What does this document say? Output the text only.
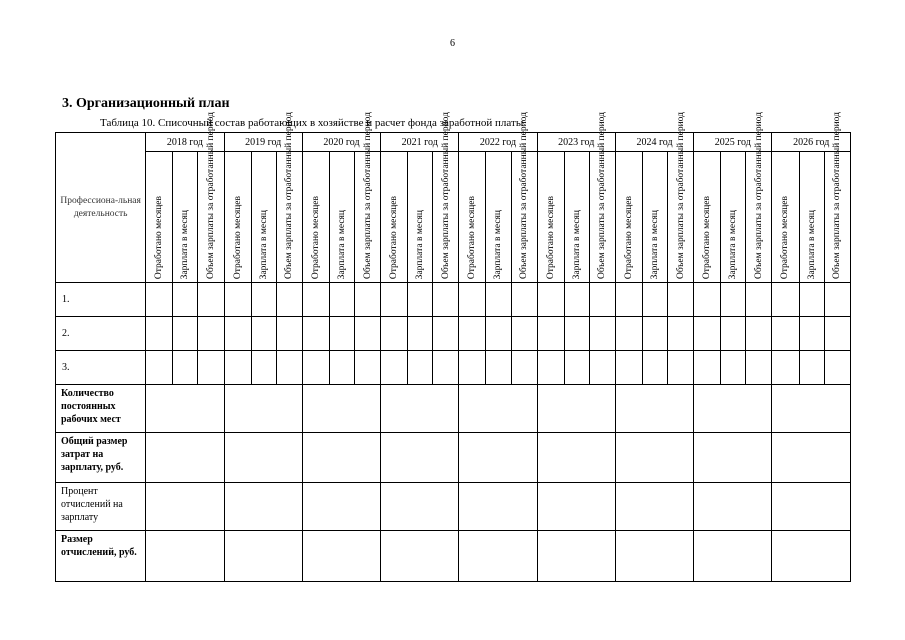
6
3. Организационный план
Таблица 10. Списочный состав работающих в хозяйстве и расчет фонда заработной платы
Профессиона-льная деятельность	2018 год			2019 год			2020 год			2021 год			2022 год			2023 год			2024 год			2025 год			2026 год		

	Отработано месяцев	Зарплата в месяц	Объем зарплаты за отработанный период	Отработано месяцев	Зарплата в месяц	Объем зарплаты за отработанный период	Отработано месяцев	Зарплата в месяц	Объем зарплаты за отработанный период	Отработано месяцев	Зарплата в месяц	Объем зарплаты за отработанный период	Отработано месяцев	Зарплата в месяц	Объем зарплаты за отработанный период	Отработано месяцев	Зарплата в месяц	Объем зарплаты за отработанный период	Отработано месяцев	Зарплата в месяц	Объем зарплаты за отработанный период	Отработано месяцев	Зарплата в месяц	Объем зарплаты за отработанный период	Отработано месяцев	Зарплата в месяц	Объем зарплаты за отработанный период

1.																											
2.																											
3.																											
Количество постоянных рабочих мест																											
Общий размер затрат на зарплату, руб.																											
Процент отчислений на зарплату																											
Размер отчислений, руб.																											
